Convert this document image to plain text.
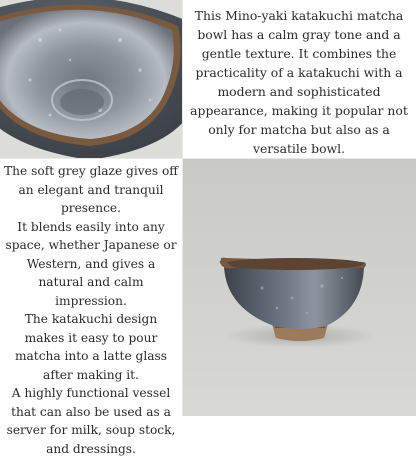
This Mino-yaki katakuchi matcha bowl has a calm gray tone and a gentle texture. It combines the practicality of a katakuchi with a modern and sophisticated appearance, making it popular not only for matcha but also as a versatile bowl.

The soft grey glaze gives off an elegant and tranquil presence.

It blends easily into any space, whether Japanese or Western, and gives a natural and calm impression.

The katakuchi design makes it easy to pour matcha into a latte glass after making it.

A highly functional vessel that can also be used as a server for milk, soup stock, and dressings.
